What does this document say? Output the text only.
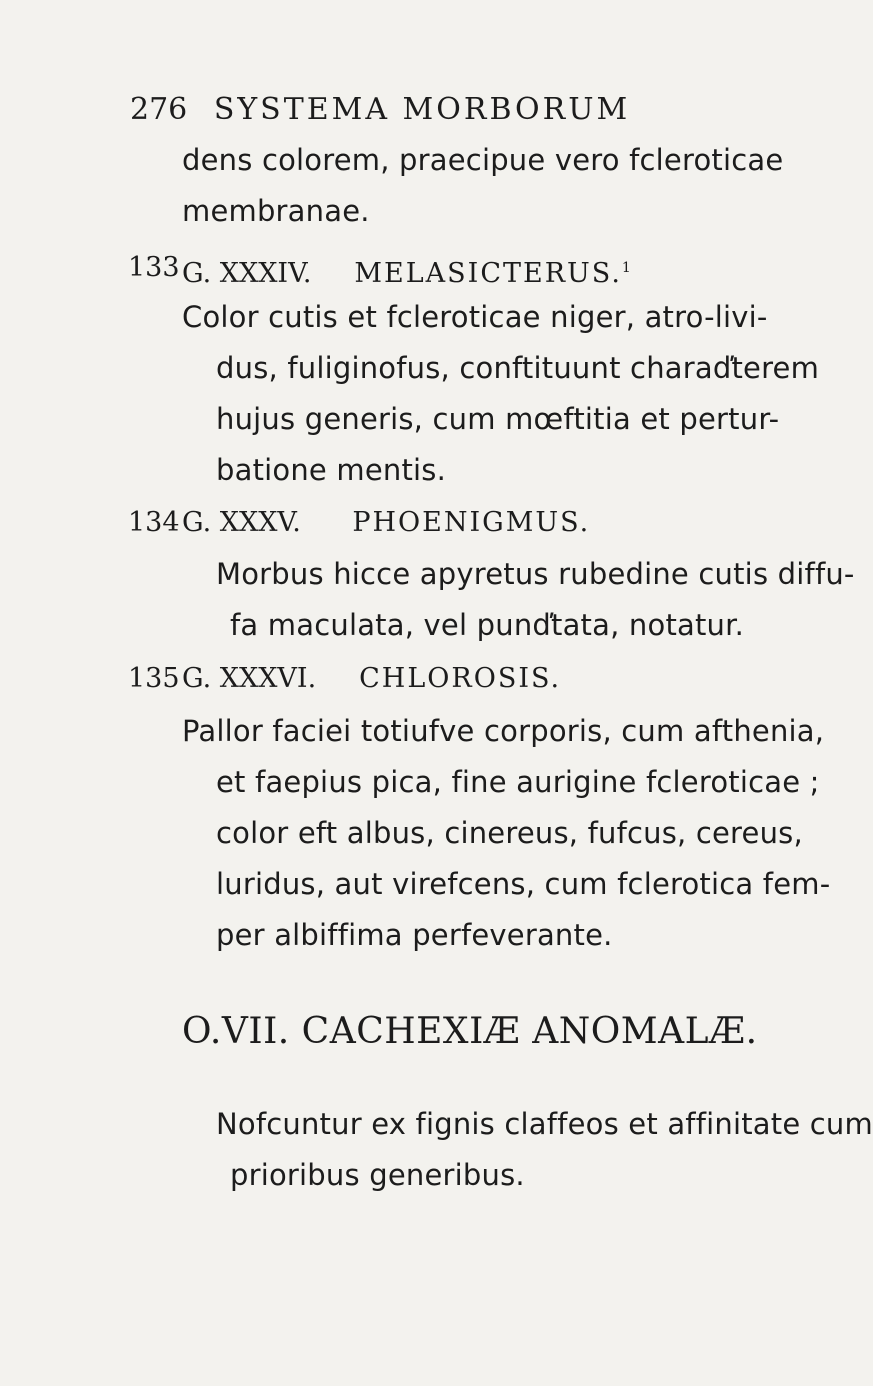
276 SYSTEMA MORBORUM
dens colorem, praecipue vero fcleroticae
membranae.
133 G. XXXIV. MELASICTERUS.$^1$
Color cutis et fcleroticae niger, atro-livi-
dus, fuliginofus, conftituunt charaďterem
hujus generis, cum mœftitia et pertur-
batione mentis.
134 G. XXXV. PHOENIGMUS.
Morbus hicce apyretus rubedine cutis diffu-
fa maculata, vel punďtata, notatur.
135 G. XXXVI. CHLOROSIS.
Pallor faciei totiufve corporis, cum afthenia,
et faepius pica, fine aurigine fcleroticae ;
color eft albus, cinereus, fufcus, cereus,
luridus, aut virefcens, cum fclerotica fem-
per albiffima perfeverante.
O.VII. CACHEXIÆ ANOMALÆ.
Nofcuntur ex fignis claffeos et affinitate cum
prioribus generibus.
